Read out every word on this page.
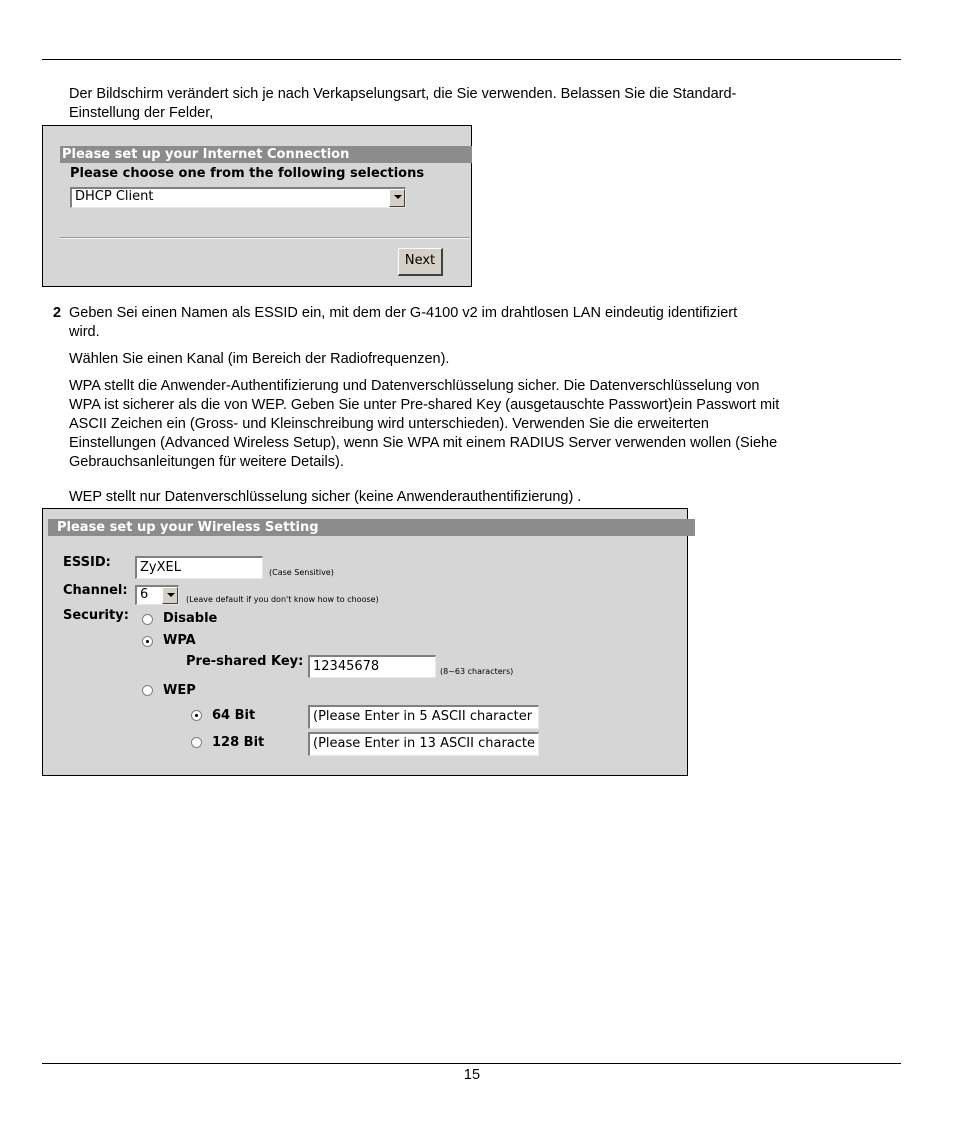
Der Bildschirm verändert sich je nach Verkapselungsart, die Sie verwenden. Belassen Sie die Standard-

Einstellung der Felder,

Please set up your Internet Connection
Please choose one from the following selections
DHCP Client
Next
2 Geben Sei einen Namen als ESSID ein, mit dem der G-4100 v2 im drahtlosen LAN eindeutig identifiziert

wird.

Wählen Sie einen Kanal (im Bereich der Radiofrequenzen).

WPA stellt die Anwender-Authentifizierung und Datenverschlüsselung sicher. Die Datenverschlüsselung von

WPA ist sicherer als die von WEP. Geben Sie unter Pre-shared Key (ausgetauschte Passwort)ein Passwort mit

ASCII Zeichen ein (Gross- und Kleinschreibung wird unterschieden). Verwenden Sie die erweiterten

Einstellungen (Advanced Wireless Setup), wenn Sie WPA mit einem RADIUS Server verwenden wollen (Siehe

Gebrauchsanleitungen für weitere Details).

WEP stellt nur Datenverschlüsselung sicher (keine Anwenderauthentifizierung) .

Please set up your Wireless Setting
ESSID:	ZyXEL	(Case Sensitive)
Channel: 6	(Leave default if you don't know how to choose)
Security:	Disable
WPA
Pre-shared Key: 12345678	(8~63 characters)
WEP
64 Bit	(Please Enter in 5 ASCII character
128 Bit	(Please Enter in 13 ASCII characte
15
